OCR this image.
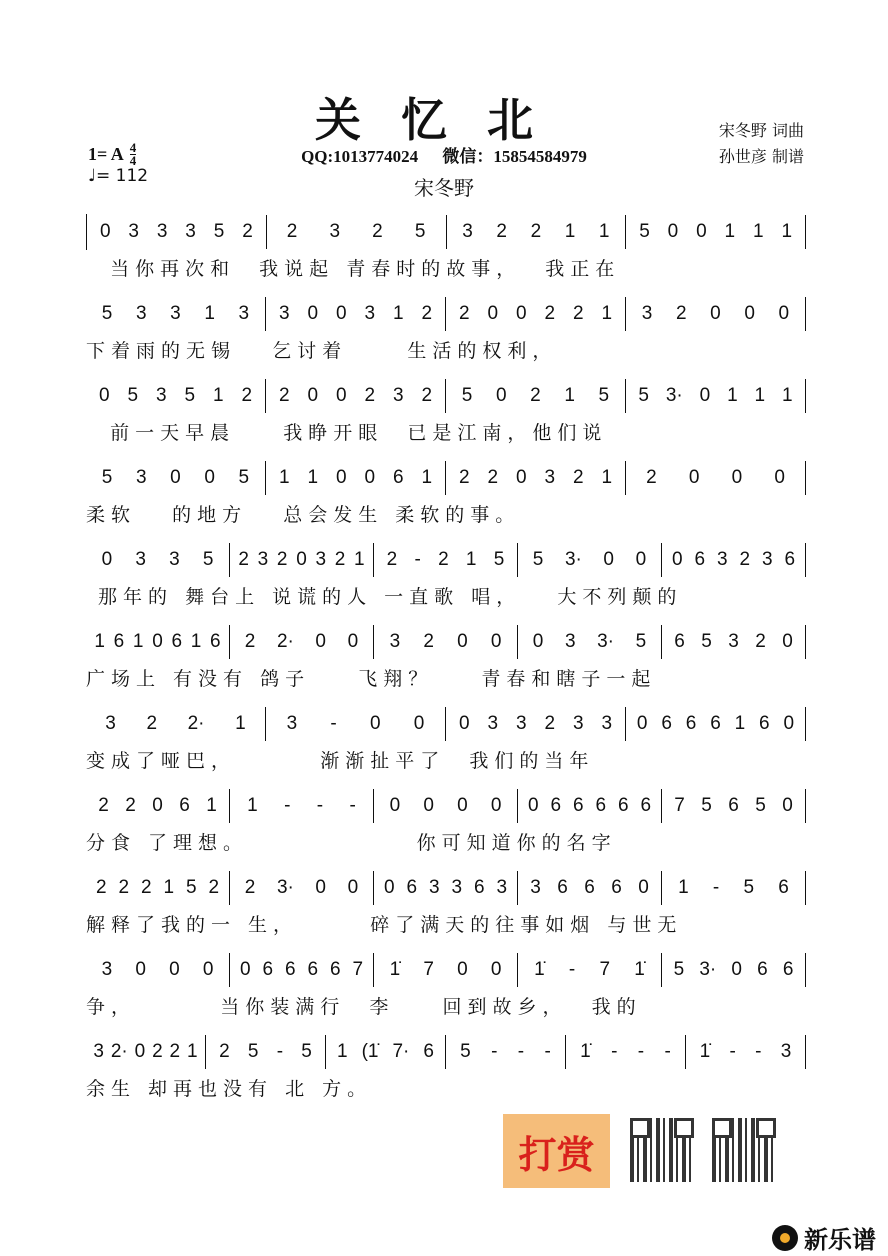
关忆北
QQ:1013774024 微信：15854584979
宋冬野
宋冬野 词曲
孙世彦 制谱
1= A $\frac{4}{4}$
♩= 112
0 3 3 3 5 2 2 3 2 5 3 2 2 1 1 5 0 0 1 1 1
当你再次和  我说起 青春时的故事，  我正在
5 3 3 1 3 3 0 0 3 1 2 2 0 0 2 2 1 3 2 0 0 0
下着雨的无锡   乞讨着     生活的权利，
0 5 3 5 1 2 2 0 0 2 3 2 5 0 2 1 5 5 3· 0 1 1 1
前一天早晨    我睁开眼  已是江南，他们说
5 3 0 0 5 1 1 0 0 6 1 2 2 0 3 2 1 2 0 0 0
柔软   的地方   总会发生 柔软的事。
0 3 3 5 2 3 2 0 3 2 1 2 - 2 1 5 5 3· 0 0 0 6 3 2 3 6
那年的 舞台上 说谎的人 一直歌 唱，   大不列颠的
1 6 1 0 6 1 6 2 2· 0 0 3 2 0 0 0 3 3· 5 6 5 3 2 0
广场上 有没有 鸽子    飞翔？    青春和瞎子一起
3 2 2· 1 3 - 0 0 0 3 3 2 3 3 0 6 6 6 1 6 0
变成了哑巴，       渐渐扯平了  我们的当年
2 2 0 6 1 1 - - - 0 0 0 0 0 6 6 6 6 6 7 5 6 5 0
分食 了理想。              你可知道你的名字
2 2 2 1 5 2 2 3· 0 0 0 6 3 3 6 3 3 6 6 6 0 1 - 5 6
解释了我的一 生，      碎了满天的往事如烟 与世无
3 0 0 0 0 6 6 6 6 7 1̇ 7 0 0 1̇ - 7 1̇ 5 3· 0 6 6
争，       当你装满行  李    回到故乡，  我的
3 2· 0 2 2 1 2 5 - 5 1 (1̇ 7· 6 5 - - - 1̇ - - - 1̇ - - 3
余生 却再也没有 北 方。
打赏
新乐谱
